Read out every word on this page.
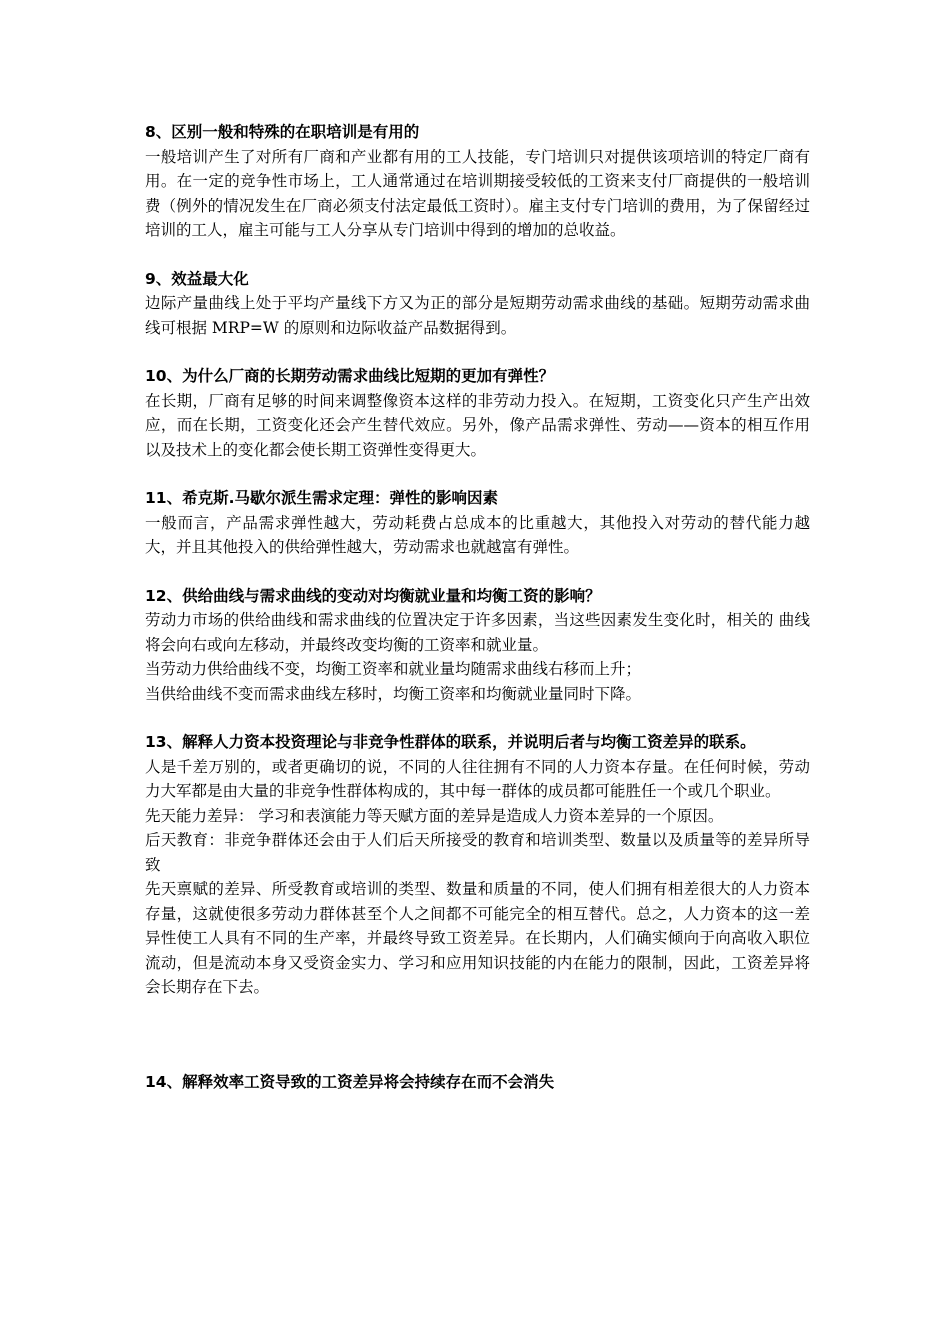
8、区别一般和特殊的在职培训是有用的

一般培训产生了对所有厂商和产业都有用的工人技能，专门培训只对提供该项培训的特定厂商有用。在一定的竞争性市场上，工人通常通过在培训期接受较低的工资来支付厂商提供的一般培训费（例外的情况发生在厂商必须支付法定最低工资时）。雇主支付专门培训的费用，为了保留经过培训的工人，雇主可能与工人分享从专门培训中得到的增加的总收益。

9、效益最大化

边际产量曲线上处于平均产量线下方又为正的部分是短期劳动需求曲线的基础。短期劳动需求曲线可根据 MRP=W 的原则和边际收益产品数据得到。

10、为什么厂商的长期劳动需求曲线比短期的更加有弹性？

在长期，厂商有足够的时间来调整像资本这样的非劳动力投入。在短期，工资变化只产生产出效应，而在长期，工资变化还会产生替代效应。另外，像产品需求弹性、劳动——资本的相互作用以及技术上的变化都会使长期工资弹性变得更大。

11、希克斯.马歇尔派生需求定理：弹性的影响因素

一般而言，产品需求弹性越大，劳动耗费占总成本的比重越大，其他投入对劳动的替代能力越大，并且其他投入的供给弹性越大，劳动需求也就越富有弹性。

12、供给曲线与需求曲线的变动对均衡就业量和均衡工资的影响？

劳动力市场的供给曲线和需求曲线的位置决定于许多因素，当这些因素发生变化时，相关的 曲线将会向右或向左移动，并最终改变均衡的工资率和就业量。

当劳动力供给曲线不变，均衡工资率和就业量均随需求曲线右移而上升；

当供给曲线不变而需求曲线左移时，均衡工资率和均衡就业量同时下降。

13、解释人力资本投资理论与非竞争性群体的联系，并说明后者与均衡工资差异的联系。

人是千差万别的，或者更确切的说，不同的人往往拥有不同的人力资本存量。在任何时候，劳动力大军都是由大量的非竞争性群体构成的，其中每一群体的成员都可能胜任一个或几个职业。

先天能力差异： 学习和表演能力等天赋方面的差异是造成人力资本差异的一个原因。

后天教育：非竞争群体还会由于人们后天所接受的教育和培训类型、数量以及质量等的差异所导致

先天禀赋的差异、所受教育或培训的类型、数量和质量的不同，使人们拥有相差很大的人力资本存量，这就使很多劳动力群体甚至个人之间都不可能完全的相互替代。总之，人力资本的这一差异性使工人具有不同的生产率，并最终导致工资差异。在长期内，人们确实倾向于向高收入职位流动，但是流动本身又受资金实力、学习和应用知识技能的内在能力的限制，因此，工资差异将会长期存在下去。

14、解释效率工资导致的工资差异将会持续存在而不会消失
